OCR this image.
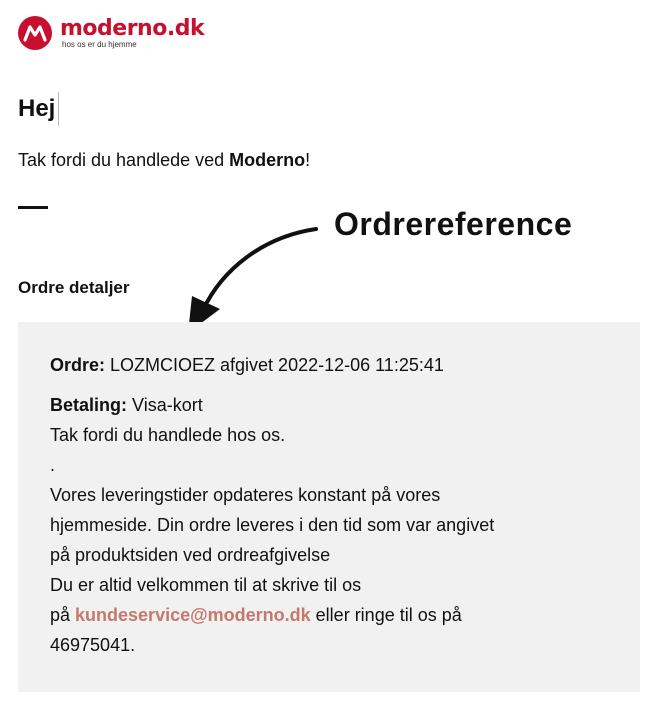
moderno.dk
hos os er du hjemme
Hej

Tak fordi du handlede ved Moderno!

Ordrereference
Ordre detaljer

Ordre: LOZMCIOEZ afgivet 2022-12-06 11:25:41

Betaling: Visa-kort

Tak fordi du handlede hos os.

.

Vores leveringstider opdateres konstant på vores

hjemmeside. Din ordre leveres i den tid som var angivet

på produktsiden ved ordreafgivelse

Du er altid velkommen til at skrive til os

på kundeservice@moderno.dk eller ringe til os på

46975041.
